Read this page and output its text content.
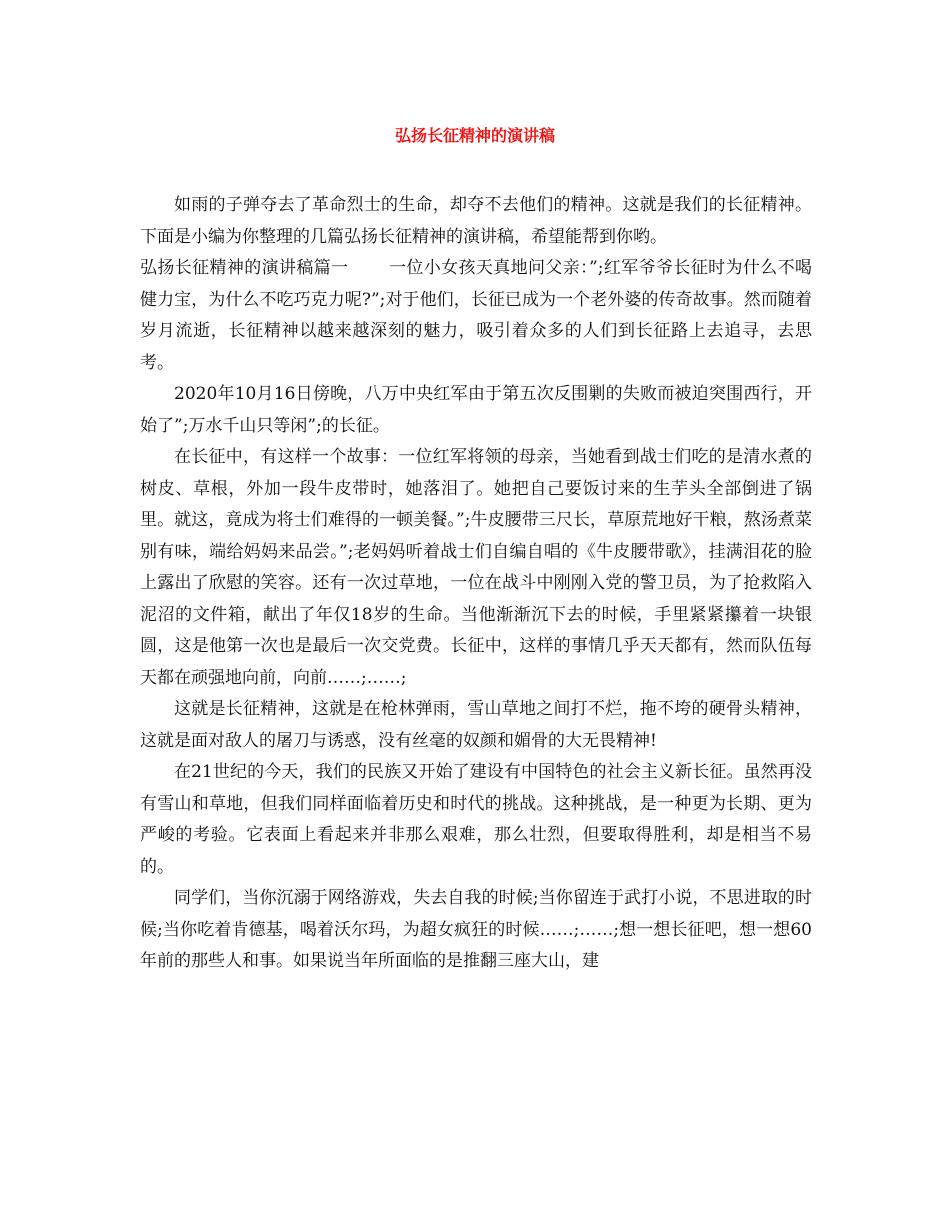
弘扬长征精神的演讲稿

如雨的子弹夺去了革命烈士的生命，却夺不去他们的精神。这就是我们的长征精神。下面是小编为你整理的几篇弘扬长征精神的演讲稿，希望能帮到你哟。

弘扬长征精神的演讲稿篇一 一位小女孩天真地问父亲：”;红军爷爷长征时为什么不喝健力宝，为什么不吃巧克力呢?”;对于他们，长征已成为一个老外婆的传奇故事。然而随着岁月流逝，长征精神以越来越深刻的魅力，吸引着众多的人们到长征路上去追寻，去思考。

2020年10月16日傍晚，八万中央红军由于第五次反围剿的失败而被迫突围西行，开始了”;万水千山只等闲”;的长征。

在长征中，有这样一个故事：一位红军将领的母亲，当她看到战士们吃的是清水煮的树皮、草根，外加一段牛皮带时，她落泪了。她把自己要饭讨来的生芋头全部倒进了锅里。就这，竟成为将士们难得的一顿美餐。”;牛皮腰带三尺长，草原荒地好干粮，熬汤煮菜别有味，端给妈妈来品尝。”;老妈妈听着战士们自编自唱的《牛皮腰带歌》，挂满泪花的脸上露出了欣慰的笑容。还有一次过草地，一位在战斗中刚刚入党的警卫员，为了抢救陷入泥沼的文件箱，献出了年仅18岁的生命。当他渐渐沉下去的时候，手里紧紧攥着一块银圆，这是他第一次也是最后一次交党费。长征中，这样的事情几乎天天都有，然而队伍每天都在顽强地向前，向前……;……;

这就是长征精神，这就是在枪林弹雨，雪山草地之间打不烂，拖不垮的硬骨头精神，这就是面对敌人的屠刀与诱惑，没有丝毫的奴颜和媚骨的大无畏精神!

在21世纪的今天，我们的民族又开始了建设有中国特色的社会主义新长征。虽然再没有雪山和草地，但我们同样面临着历史和时代的挑战。这种挑战，是一种更为长期、更为严峻的考验。它表面上看起来并非那么艰难，那么壮烈，但要取得胜利，却是相当不易的。

同学们，当你沉溺于网络游戏，失去自我的时候;当你留连于武打小说，不思进取的时候;当你吃着肯德基，喝着沃尔玛，为超女疯狂的时候……;……;想一想长征吧，想一想60年前的那些人和事。如果说当年所面临的是推翻三座大山，建
